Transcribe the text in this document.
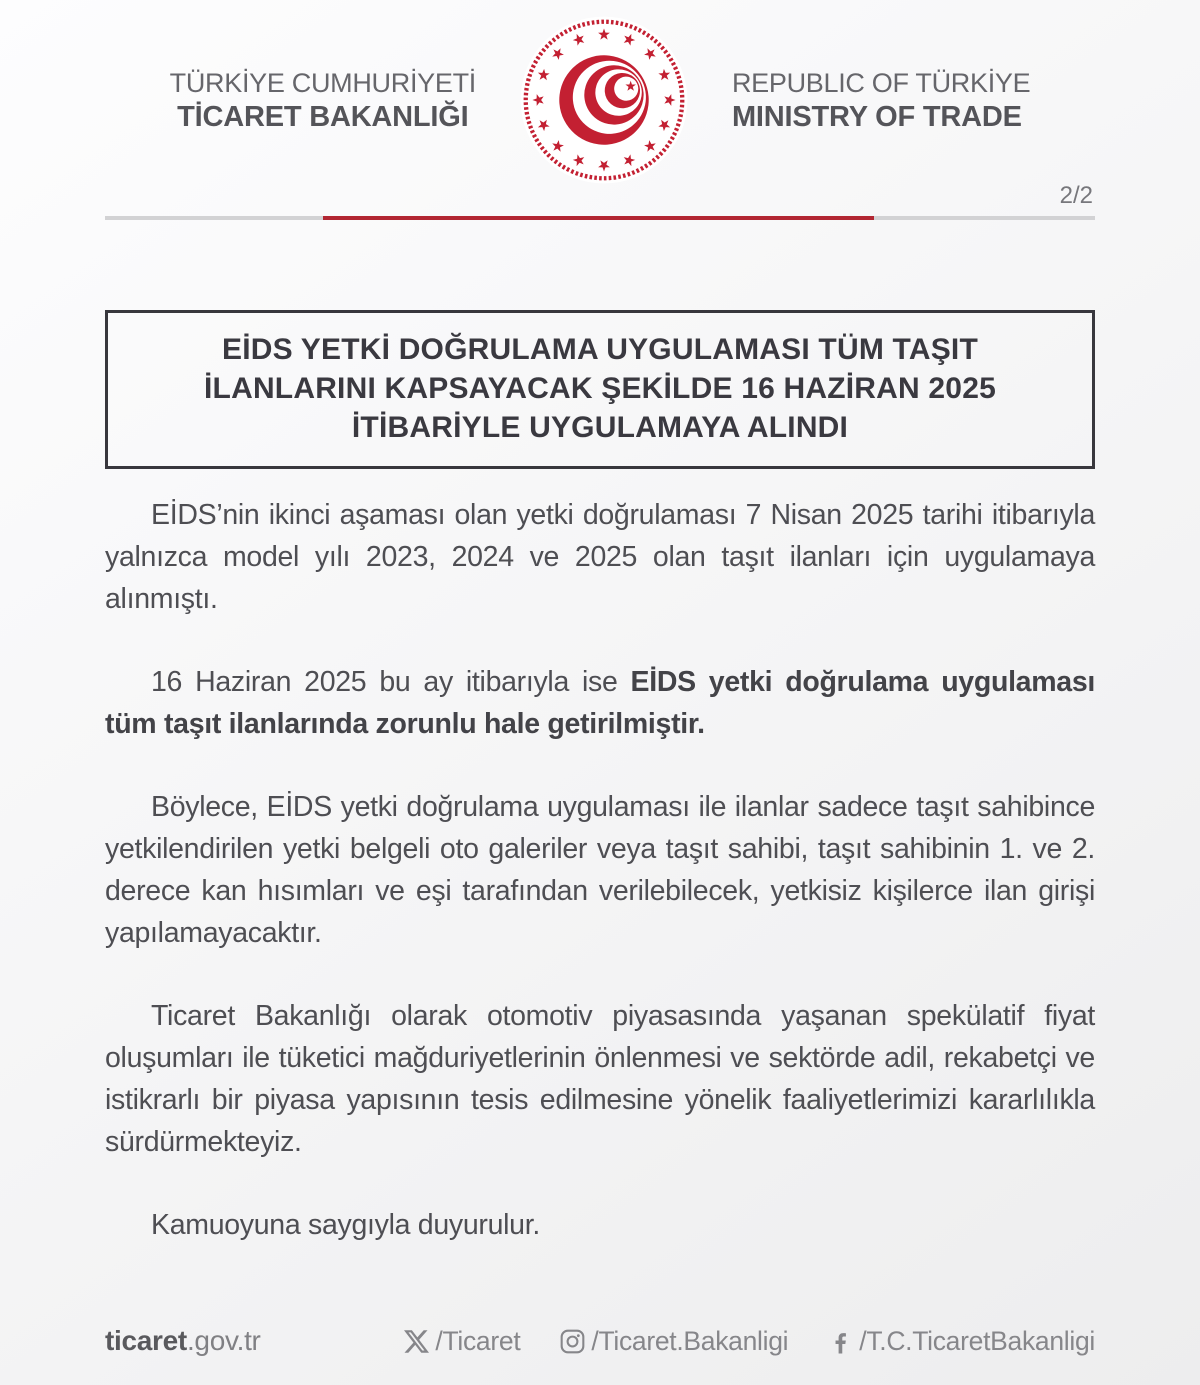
TÜRKİYE CUMHURİYETİ
TİCARET BAKANLIĞI
REPUBLIC OF TÜRKİYE
MINISTRY OF TRADE
2/2
EİDS YETKİ DOĞRULAMA UYGULAMASI TÜM TAŞIT
İLANLARINI KAPSAYACAK ŞEKİLDE 16 HAZİRAN 2025
İTİBARİYLE UYGULAMAYA ALINDI

EİDS’nin ikinci aşaması olan yetki doğrulaması 7 Nisan 2025 tarihi itibarıyla yalnızca model yılı 2023, 2024 ve 2025 olan taşıt ilanları için uygulamaya alınmıştı.

16 Haziran 2025 bu ay itibarıyla ise EİDS yetki doğrulama uygulaması tüm taşıt ilanlarında zorunlu hale getirilmiştir.

Böylece, EİDS yetki doğrulama uygulaması ile ilanlar sadece taşıt sahibince yetkilendirilen yetki belgeli oto galeriler veya taşıt sahibi, taşıt sahibinin 1. ve 2. derece kan hısımları ve eşi tarafından verilebilecek, yetkisiz kişilerce ilan girişi yapılamayacaktır.

Ticaret Bakanlığı olarak otomotiv piyasasında yaşanan spekülatif fiyat oluşumları ile tüketici mağduriyetlerinin önlenmesi ve sektörde adil, rekabetçi ve istikrarlı bir piyasa yapısının tesis edilmesine yönelik faaliyetlerimizi kararlılıkla sürdürmekteyiz.

Kamuoyuna saygıyla duyurulur.

ticaret.gov.tr	/Ticaret	/Ticaret.Bakanligi	/T.C.TicaretBakanligi
